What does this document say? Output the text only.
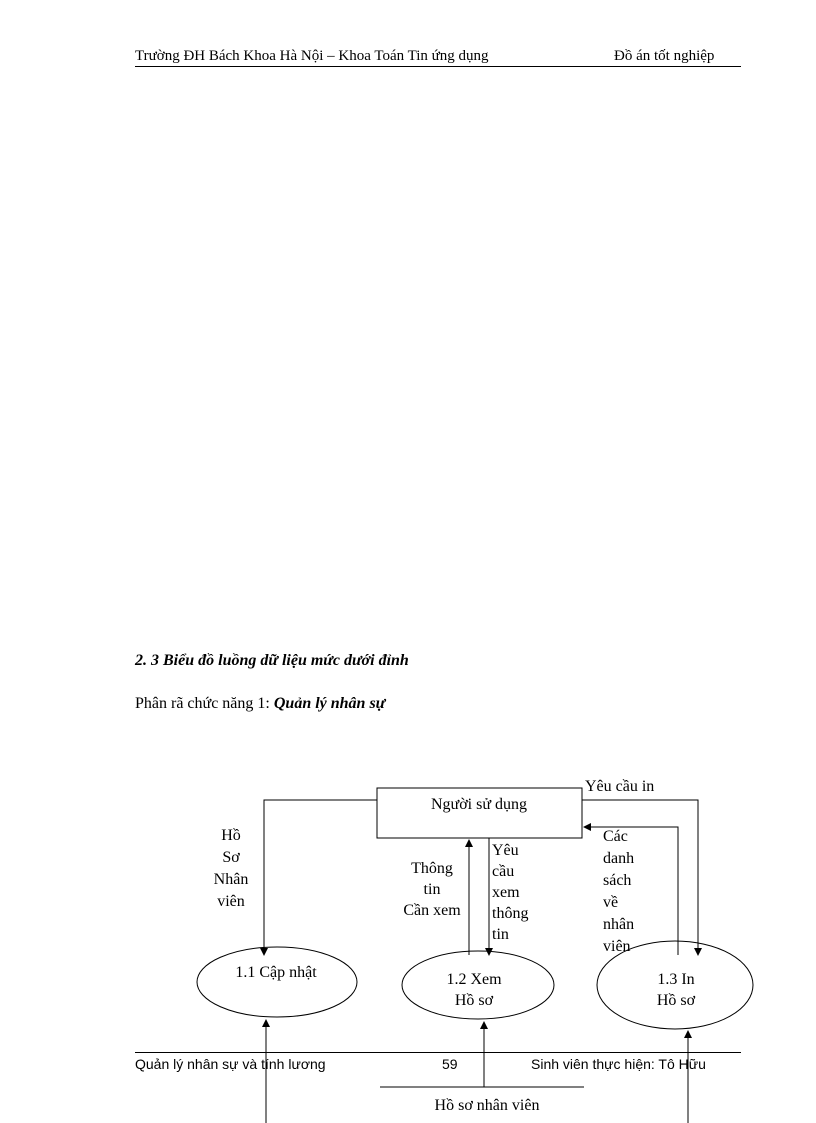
Trường ĐH Bách Khoa Hà Nội – Khoa Toán Tin ứng dụng	Đồ án tốt nghiệp
2. 3 Biểu đồ luồng dữ liệu mức dưới đỉnh
Phân rã chức năng 1: Quản lý nhân sự
Người sử dụng
1.1 Cập nhật	1.2 Xem
Hồ sơ
1.3 In
Hồ sơ
Hồ
Sơ
Nhân
viên
Thông
tin
Cần xem
Yêu
cầu
xem
thông
tin
Yêu cầu in
Các
danh
sách
về
nhân
viên
Hồ sơ nhân viên
Quản lý nhân sự và tính lương	59	Sinh viên thực hiện: Tô Hữu
